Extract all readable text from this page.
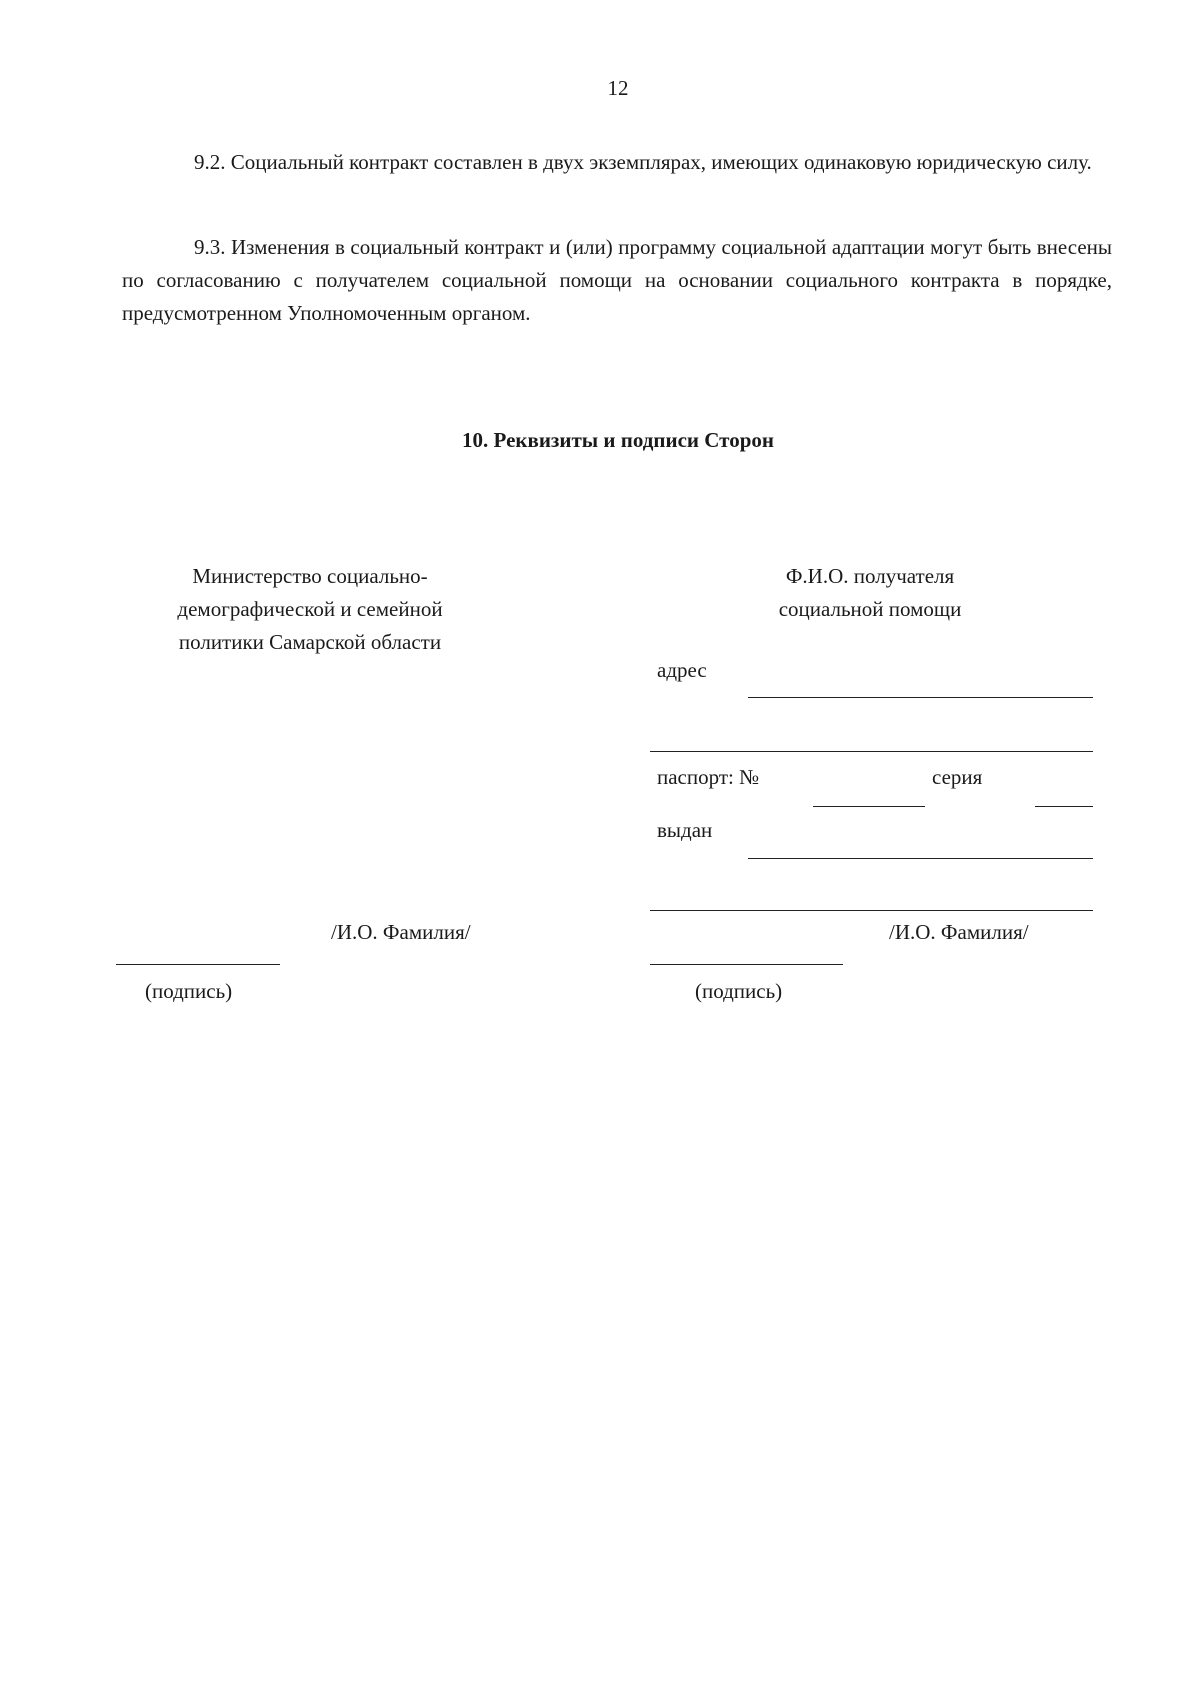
12

9.2. Социальный контракт составлен в двух экземплярах, имеющих одинаковую юридическую силу.

9.3. Изменения в социальный контракт и (или) программу социальной адаптации могут быть внесены по согласованию с получателем социальной помощи на основании социального контракта в порядке, предусмотренном Уполномоченным органом.

10. Реквизиты и подписи Сторон
Министерство социально-
демографической и семейной
политики Самарской области
/И.О. Фамилия/
(подпись)
Ф.И.О. получателя
социальной помощи
адрес
паспорт: №	серия
выдан
/И.О. Фамилия/
(подпись)
